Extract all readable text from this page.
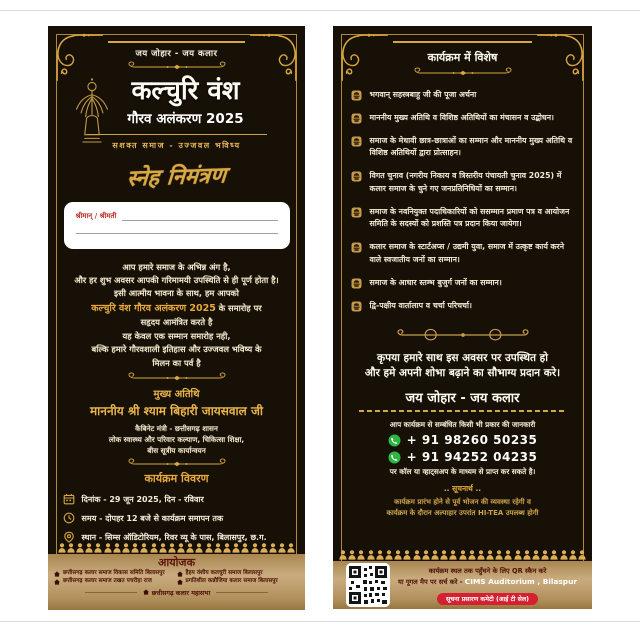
जय जोहार - जय कलार
कल्चुरि वंश
गौरव अलंकरण 2025
सशक्त समाज - उज्जवल भविष्य
स्नेह निमंत्रण
श्रीमान् / श्रीमती
आप हमारे समाज के अभिन्न अंग है,
और हर शुभ अवसर आपकी गरिमामयी उपस्थिति से ही पूर्ण होता है।
इसी आत्मीय भावना के साथ, हम आपको
कल्चुरि वंश गौरव अलंकरण 2025 के समारोह पर
सहृदय आमंत्रित करते है
यह केवल एक सम्मान समारोह नही,
बल्कि हमारे गौरवशाली इतिहास और उज्जवल भविष्य के
मिलन का पर्व है
मुख्य अतिथि
माननीय श्री श्याम बिहारी जायसवाल जी
कैबिनेट मंत्री - छत्तीसगढ़ शासन
लोक स्वास्थ्य और परिवार कल्याण, चिकित्सा शिक्षा,
बीस सूत्रीय कार्यान्वयन
कार्यक्रम विवरण
दिनांक - 29 जून 2025, दिन - रविवार
समय - दोपहर 12 बजे से कार्यक्रम समापन तक
स्थान - सिम्स ऑडिटोरियम, रिवर व्यू के पास, बिलासपुर, छ.ग.
आयोजक
छत्तीसगढ़ कलार समाज विकास समिति बिलासपुर	हैहय वंशीय कलचुरी समाज बिलासपुर
छत्तीसगढ़ कलार समाज तखत पचरीहा राज	प्रगतिशील कन्नौजिया कलार समाज बिलासपुर
छत्तीसगढ़ कलार महासभा
कार्यक्रम में विशेष
भगवान् सहस्त्रबाहु जी की पूजा अर्चना
माननीय मुख्य अतिथि व विशिष्ठ अतिथियों का मंचासन व उद्बोधन।
समाज के मेधावी छात्र-छात्राओं का सम्मान और माननीय मुख्य अतिथि व विशिष्ठ अतिथियों द्वारा प्रोत्साहन।
विगत चुनाव (नगरीय निकाय व त्रिस्तरीय पंचायती चुनाव 2025) में कलार समाज के चुने गए जनप्रतिनिधियों का सम्मान।
समाज के नवनियुक्त पदाधिकारियों को ससम्मान प्रमाण पत्र व आयोजन समिति के सदस्यों को प्रशस्ति पत्र प्रदान किया जायेगा।
कलार समाज के स्टार्टअप्स / उद्यमी युवा, समाज में उत्कृष्ट कार्य करने वाले स्वजातीय जनों का सम्मान।
समाज के आधार स्तम्भ बुजुर्ग जनों का सम्मान।
द्वि-पक्षीय वार्तालाप व चर्चा परिचर्चा।
कृपया हमारे साथ इस अवसर पर उपस्थित हो
और हमे अपनी शोभा बढ़ाने का सौभाग्य प्रदान करे।
जय जोहार - जय कलार
आप कार्यक्रम से सम्बंधित किसी भी प्रकार की जानकारी
+ 91 98260 50235
+ 91 94252 04235
पर कॉल या व्हाट्सअप के माध्यम से प्राप्त कर सकते है।
.. सूचनार्थ ..
कार्यक्रम प्रारंभ होने से पूर्व भोजन की व्यवस्था रहेगी व
कार्यक्रम के दौरान अल्पाहार उपरांत HI-TEA उपलब्ध होगी
कार्यक्रम स्थल तक पहुँचने के लिए QR स्कैन करे
या गूगल मैप पर सर्च करे - CIMS Auditorium , Bilaspur
सूचना प्रसारण कमेटी (आई टी सेल)
